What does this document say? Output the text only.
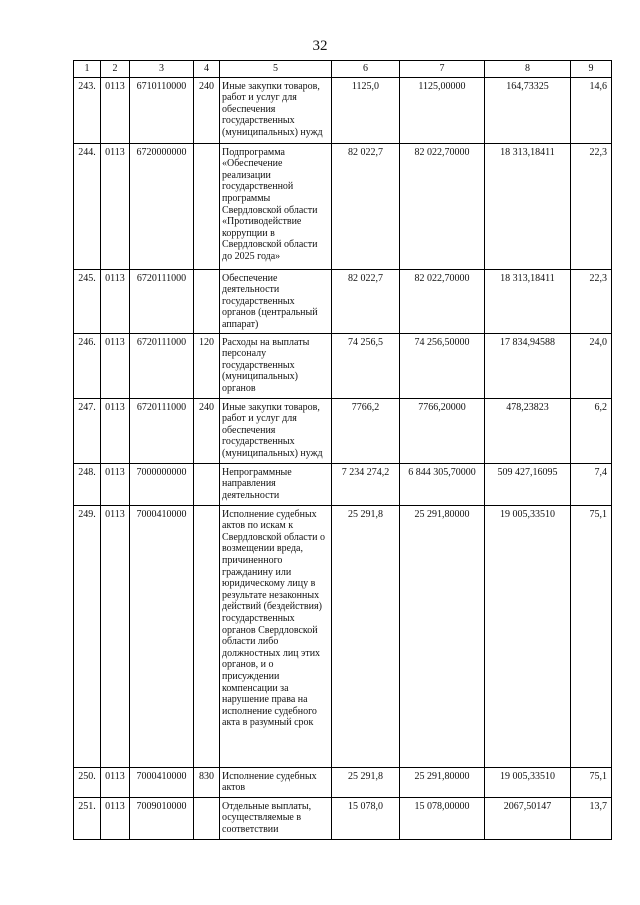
32
1	2	3	4	5	6	7	8	9
243.	0113	6710110000	240	Иные закупки товаров, работ и услуг для обеспечения государственных (муниципальных) нужд	1125,0	1125,00000	164,73325	14,6
244.	0113	6720000000		Подпрограмма «Обеспечение реализации государственной программы Свердловской области «Противодействие коррупции в Свердловской области до 2025 года»	82 022,7	82 022,70000	18 313,18411	22,3
245.	0113	6720111000		Обеспечение деятельности государственных органов (центральный аппарат)	82 022,7	82 022,70000	18 313,18411	22,3
246.	0113	6720111000	120	Расходы на выплаты персоналу государственных (муниципальных) органов	74 256,5	74 256,50000	17 834,94588	24,0
247.	0113	6720111000	240	Иные закупки товаров, работ и услуг для обеспечения государственных (муниципальных) нужд	7766,2	7766,20000	478,23823	6,2
248.	0113	7000000000		Непрограммные направления деятельности	7 234 274,2	6 844 305,70000	509 427,16095	7,4
249.	0113	7000410000		Исполнение судебных актов по искам к Свердловской области о возмещении вреда, причиненного гражданину или юридическому лицу в результате незаконных действий (бездействия) государственных органов Свердловской области либо должностных лиц этих органов, и о присуждении компенсации за нарушение права на исполнение судебного акта в разумный срок	25 291,8	25 291,80000	19 005,33510	75,1
250.	0113	7000410000	830	Исполнение судебных актов	25 291,8	25 291,80000	19 005,33510	75,1
251.	0113	7009010000		Отдельные выплаты, осуществляемые в соответствии	15 078,0	15 078,00000	2067,50147	13,7
